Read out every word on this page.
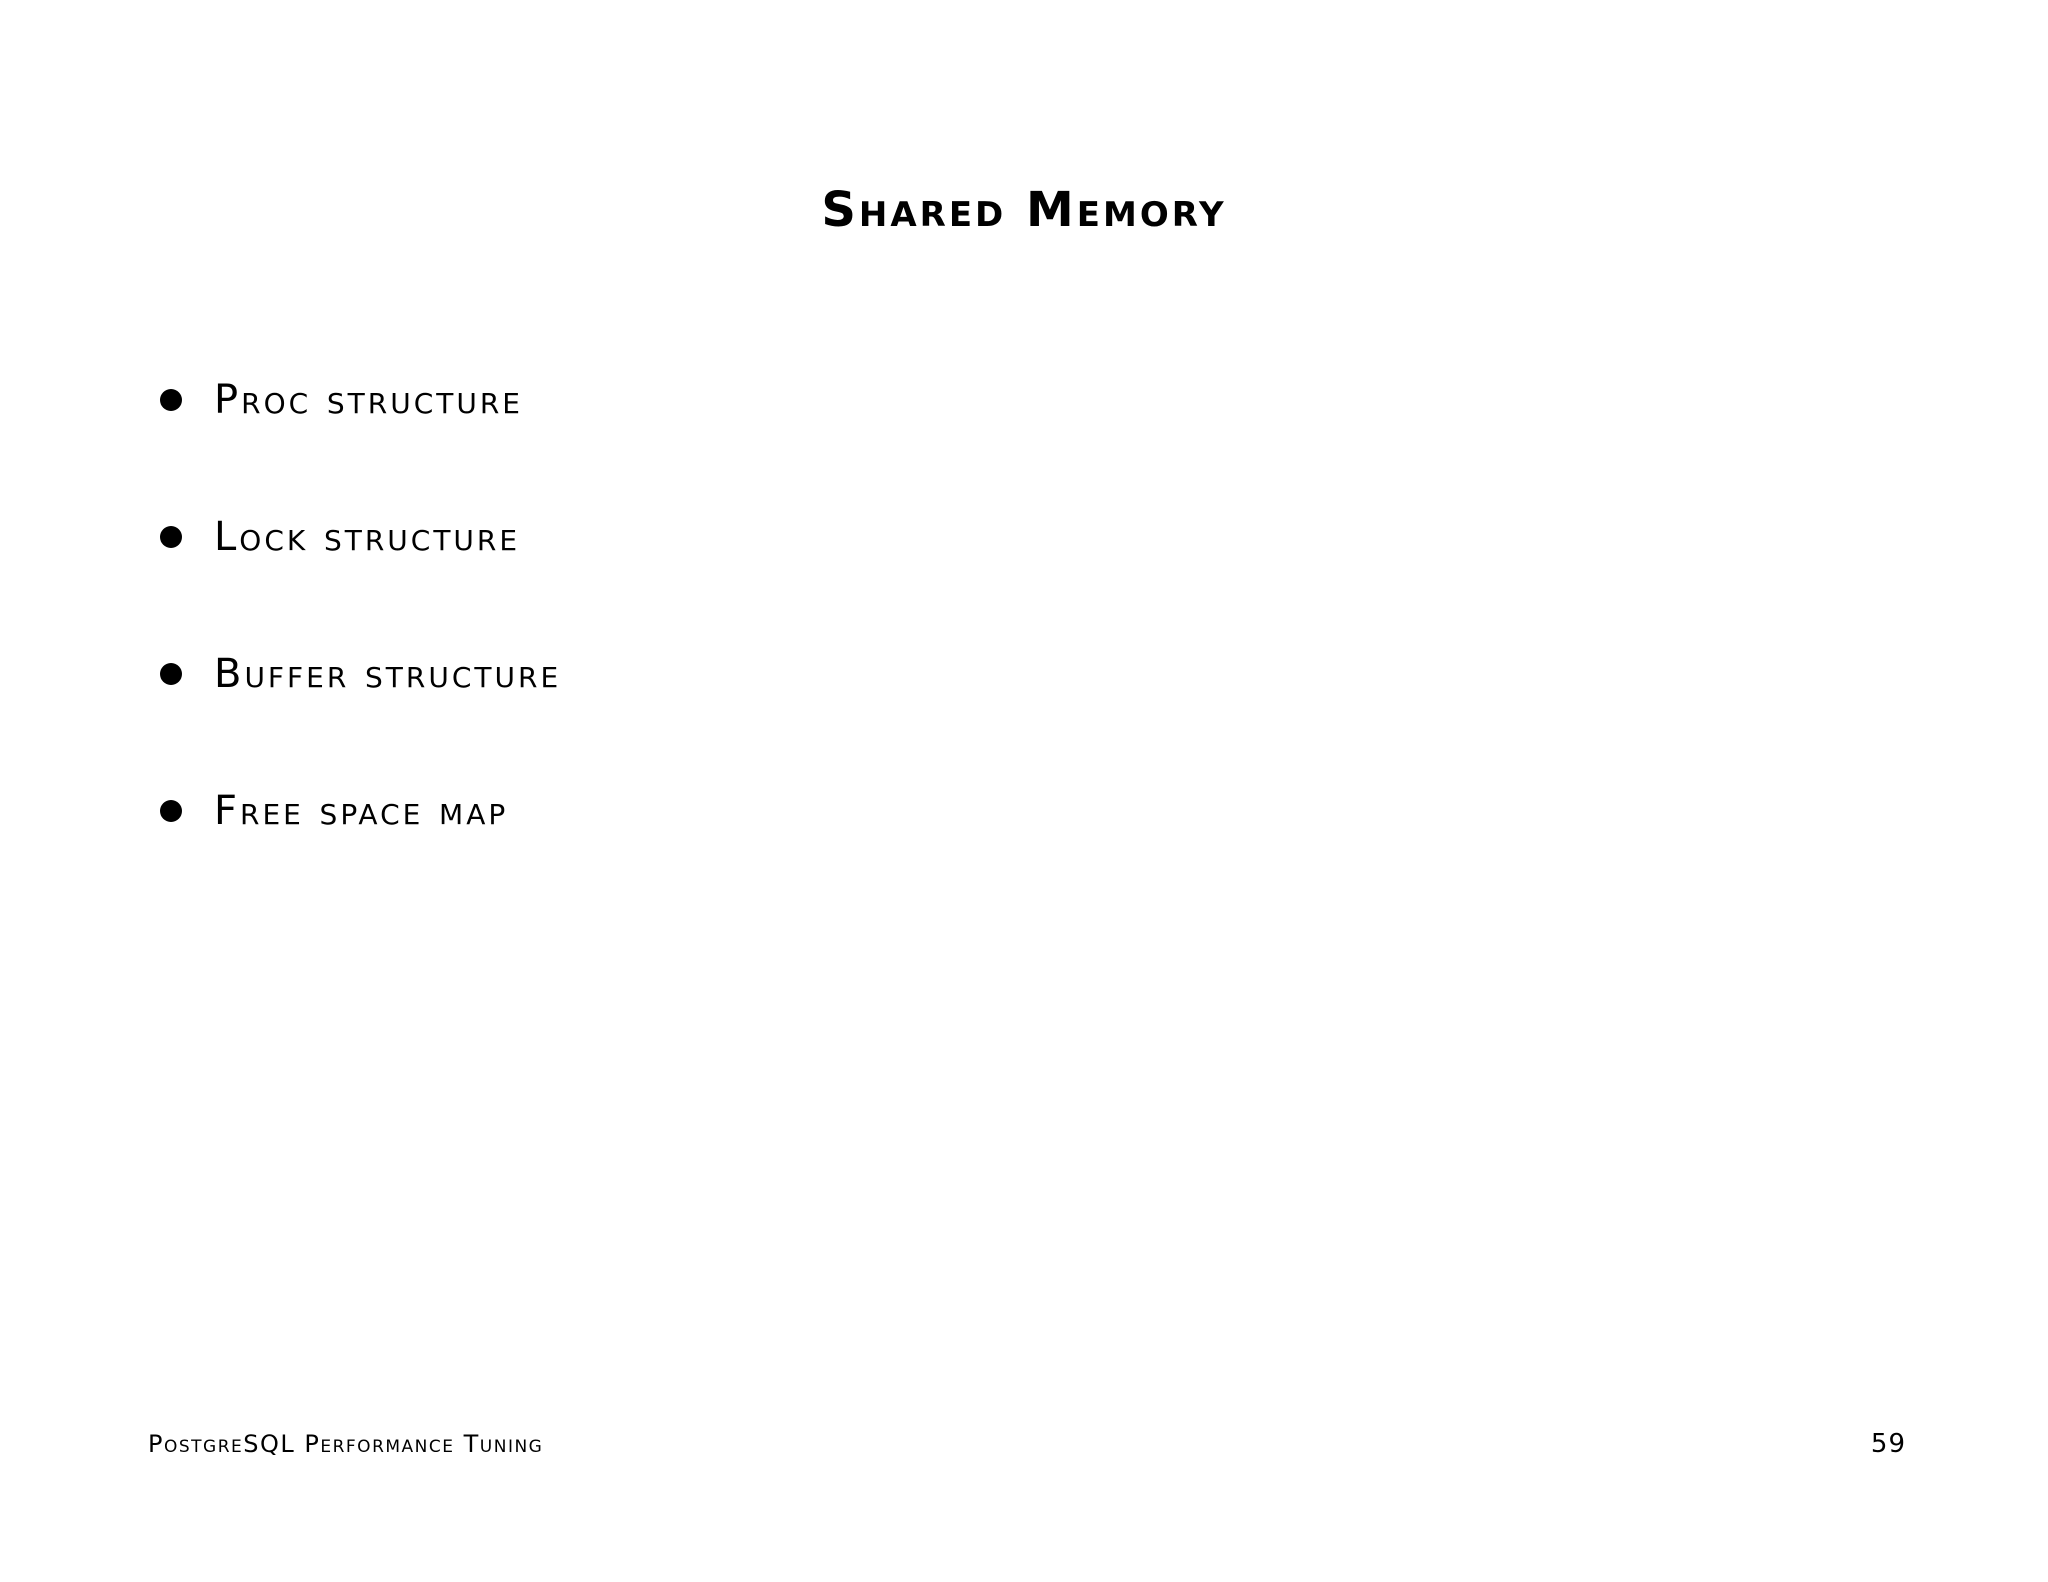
Shared Memory
Proc structure
Lock structure
Buffer structure
Free space map
PostgreSQL Performance Tuning	59
